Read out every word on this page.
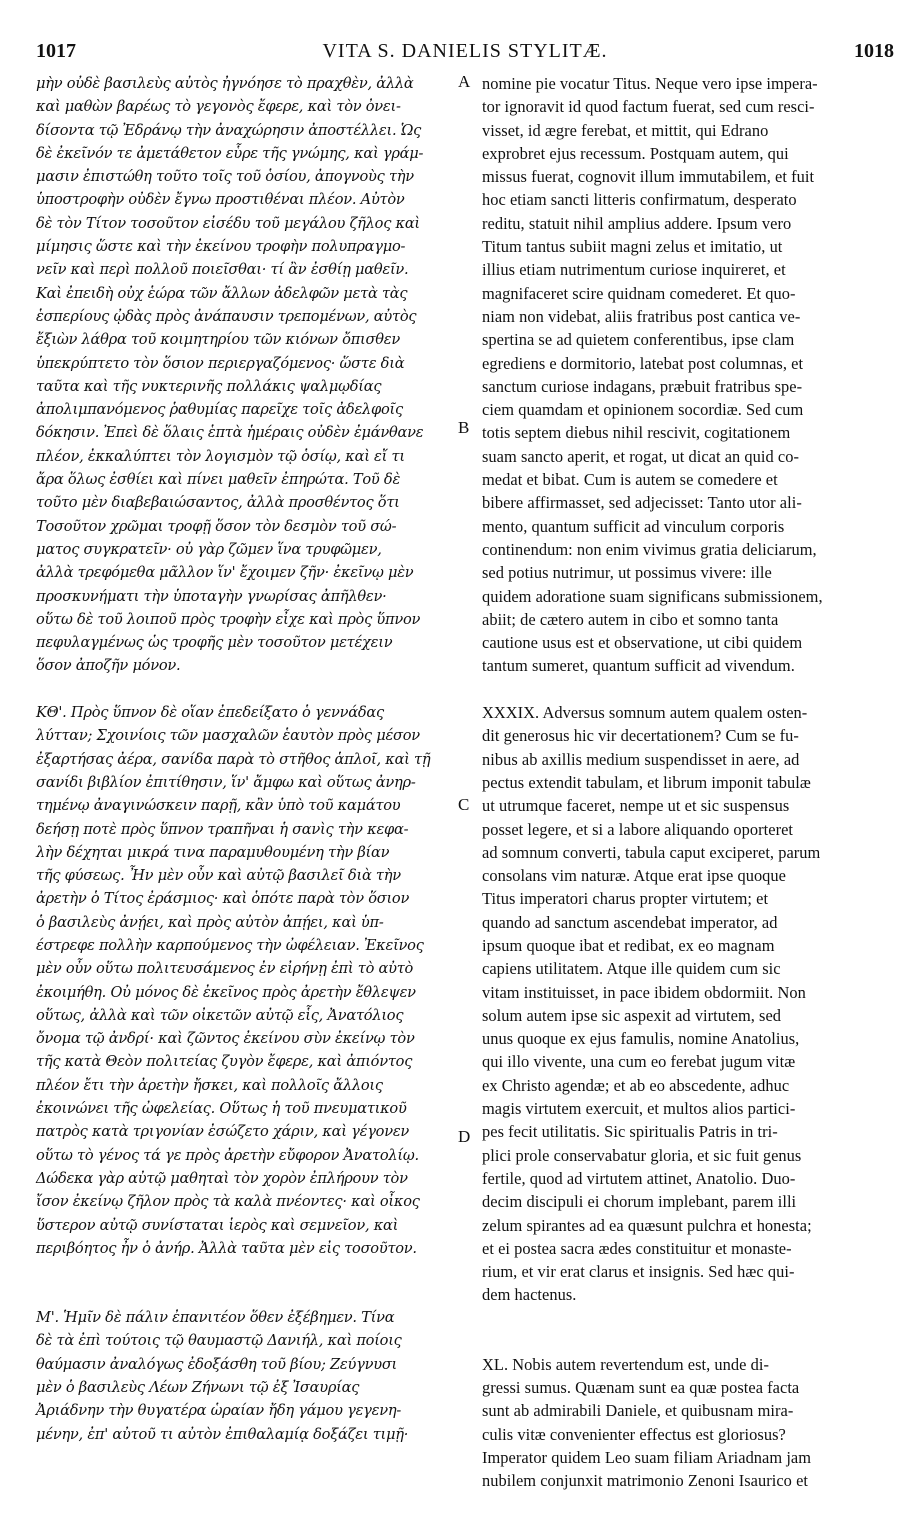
1017	VITA S. DANIELIS STYLITÆ.	1018
μὴν οὐδὲ βασιλεὺς αὐτὸς ἠγνόησε τὸ πραχθὲν, ἀλλὰ
καὶ μαθὼν βαρέως τὸ γεγονὸς ἔφερε, καὶ τὸν ὀνει-
δίσοντα τῷ Ἐδράνῳ τὴν ἀναχώρησιν ἀποστέλλει. Ὡς
δὲ ἐκεῖνόν τε ἀμετάθετον εὗρε τῆς γνώμης, καὶ γράμ-
μασιν ἐπιστώθη τοῦτο τοῖς τοῦ ὁσίου, ἀπογνοὺς τὴν
ὑποστροφὴν οὐδὲν ἔγνω προστιθέναι πλέον. Αὐτὸν
δὲ τὸν Τίτον τοσοῦτον εἰσέδυ τοῦ μεγάλου ζῆλος καὶ
μίμησις ὥστε καὶ τὴν ἐκείνου τροφὴν πολυπραγμο-
νεῖν καὶ περὶ πολλοῦ ποιεῖσθαι· τί ἂν ἐσθίῃ μαθεῖν.
Καὶ ἐπειδὴ οὐχ ἑώρα τῶν ἄλλων ἀδελφῶν μετὰ τὰς
ἑσπερίους ᾠδὰς πρὸς ἀνάπαυσιν τρεπομένων, αὐτὸς
ἔξιὼν λάθρα τοῦ κοιμητηρίου τῶν κιόνων ὄπισθεν
ὑπεκρύπτετο τὸν ὅσιον περιεργαζόμενος· ὥστε διὰ
ταῦτα καὶ τῆς νυκτερινῆς πολλάκις ψαλμῳδίας
ἀπολιμπανόμενος ῥαθυμίας παρεῖχε τοῖς ἀδελφοῖς
δόκησιν. Ἐπεὶ δὲ ὅλαις ἑπτὰ ἡμέραις οὐδὲν ἐμάνθανε
πλέον, ἐκκαλύπτει τὸν λογισμὸν τῷ ὁσίῳ, καὶ εἴ τι
ἄρα ὅλως ἐσθίει καὶ πίνει μαθεῖν ἐπηρώτα. Τοῦ δὲ
τοῦτο μὲν διαβεβαιώσαντος, ἀλλὰ προσθέντος ὅτι
Τοσοῦτον χρῶμαι τροφῇ ὅσον τὸν δεσμὸν τοῦ σώ-
ματος συγκρατεῖν· οὐ γὰρ ζῶμεν ἵνα τρυφῶμεν,
ἀλλὰ τρεφόμεθα μᾶλλον ἵν' ἔχοιμεν ζῆν· ἐκεῖνῳ μὲν
προσκυνήματι τὴν ὑποταγὴν γνωρίσας ἀπῆλθεν·
οὕτω δὲ τοῦ λοιποῦ πρὸς τροφὴν εἶχε καὶ πρὸς ὕπνον
πεφυλαγμένως ὡς τροφῆς μὲν τοσοῦτον μετέχειν
ὅσον ἀποζῆν μόνον.
ΚΘ'. Πρὸς ὕπνον δὲ οἵαν ἐπεδείξατο ὁ γεννάδας
λύτταν; Σχοινίοις τῶν μασχαλῶν ἑαυτὸν πρὸς μέσον
ἐξαρτήσας ἀέρα, σανίδα παρὰ τὸ στῆθος ἁπλοῖ, καὶ τῇ
σανίδι βιβλίον ἐπιτίθησιν, ἵν' ἄμφω καὶ οὕτως ἀνηρ-
τημένῳ ἀναγινώσκειν παρῇ, κἂν ὑπὸ τοῦ καμάτου
δεήσῃ ποτὲ πρὸς ὕπνον τραπῆναι ἡ σανὶς τὴν κεφα-
λὴν δέχηται μικρά τινα παραμυθουμένη τὴν βίαν
τῆς φύσεως. Ἦν μὲν οὖν καὶ αὐτῷ βασιλεῖ διὰ τὴν
ἀρετὴν ὁ Τίτος ἐράσμιος· καὶ ὁπότε παρὰ τὸν ὅσιον
ὁ βασιλεὺς ἀνῄει, καὶ πρὸς αὐτὸν ἀπῄει, καὶ ὑπ-
έστρεφε πολλὴν καρπούμενος τὴν ὠφέλειαν. Ἐκεῖνος
μὲν οὖν οὕτω πολιτευσάμενος ἐν εἰρήνῃ ἐπὶ τὸ αὐτὸ
ἐκοιμήθη. Οὐ μόνος δὲ ἐκεῖνος πρὸς ἀρετὴν ἔθλεψεν
οὕτως, ἀλλὰ καὶ τῶν οἰκετῶν αὐτῷ εἷς, Ἀνατόλιος
ὄνομα τῷ ἀνδρί· καὶ ζῶντος ἐκείνου σὺν ἐκείνῳ τὸν
τῆς κατὰ Θεὸν πολιτείας ζυγὸν ἔφερε, καὶ ἀπιόντος
πλέον ἔτι τὴν ἀρετὴν ἤσκει, καὶ πολλοῖς ἄλλοις
ἐκοινώνει τῆς ὠφελείας. Οὕτως ἡ τοῦ πνευματικοῦ
πατρὸς κατὰ τριγονίαν ἐσώζετο χάριν, καὶ γέγονεν
οὕτω τὸ γένος τά γε πρὸς ἀρετὴν εὔφορον Ἀνατολίῳ.
Δώδεκα γὰρ αὐτῷ μαθηταὶ τὸν χορὸν ἐπλήρουν τὸν
ἴσον ἐκείνῳ ζῆλον πρὸς τὰ καλὰ πνέοντες· καὶ οἶκος
ὕστερον αὐτῷ συνίσταται ἱερὸς καὶ σεμνεῖον, καὶ
περιβόητος ἦν ὁ ἀνήρ. Ἀλλὰ ταῦτα μὲν εἰς τοσοῦτον.
Μ'. Ἡμῖν δὲ πάλιν ἐπανιτέον ὅθεν ἐξέβημεν. Τίνα
δὲ τὰ ἐπὶ τούτοις τῷ θαυμαστῷ Δανιήλ, καὶ ποίοις
θαύμασιν ἀναλόγως ἐδοξάσθη τοῦ βίου; Ζεύγνυσι
μὲν ὁ βασιλεὺς Λέων Ζήνωνι τῷ ἐξ Ἰσαυρίας
Ἀριάδνην τὴν θυγατέρα ὡραίαν ἤδη γάμου γεγενη-
μένην, ἐπ' αὐτοῦ τι αὐτὸν ἐπιθαλαμίᾳ δοξάζει τιμῇ·
A
B
C
D
nomine pie vocatur Titus. Neque vero ipse impera-
tor ignoravit id quod factum fuerat, sed cum resci-
visset, id ægre ferebat, et mittit, qui Edrano
exprobret ejus recessum. Postquam autem, qui
missus fuerat, cognovit illum immutabilem, et fuit
hoc etiam sancti litteris confirmatum, desperato
reditu, statuit nihil amplius addere. Ipsum vero
Titum tantus subiit magni zelus et imitatio, ut
illius etiam nutrimentum curiose inquireret, et
magnifaceret scire quidnam comederet. Et quo-
niam non videbat, aliis fratribus post cantica ve-
spertina se ad quietem conferentibus, ipse clam
egrediens e dormitorio, latebat post columnas, et
sanctum curiose indagans, præbuit fratribus spe-
ciem quamdam et opinionem socordiæ. Sed cum
totis septem diebus nihil rescivit, cogitationem
suam sancto aperit, et rogat, ut dicat an quid co-
medat et bibat. Cum is autem se comedere et
bibere affirmasset, sed adjecisset: Tanto utor ali-
mento, quantum sufficit ad vinculum corporis
continendum: non enim vivimus gratia deliciarum,
sed potius nutrimur, ut possimus vivere: ille
quidem adoratione suam significans submissionem,
abiit; de cætero autem in cibo et somno tanta
cautione usus est et observatione, ut cibi quidem
tantum sumeret, quantum sufficit ad vivendum.
XXXIX. Adversus somnum autem qualem osten-
dit generosus hic vir decertationem? Cum se fu-
nibus ab axillis medium suspendisset in aere, ad
pectus extendit tabulam, et librum imponit tabulæ
ut utrumque faceret, nempe ut et sic suspensus
posset legere, et si a labore aliquando oporteret
ad somnum converti, tabula caput exciperet, parum
consolans vim naturæ. Atque erat ipse quoque
Titus imperatori charus propter virtutem; et
quando ad sanctum ascendebat imperator, ad
ipsum quoque ibat et redibat, ex eo magnam
capiens utilitatem. Atque ille quidem cum sic
vitam instituisset, in pace ibidem obdormiit. Non
solum autem ipse sic aspexit ad virtutem, sed
unus quoque ex ejus famulis, nomine Anatolius,
qui illo vivente, una cum eo ferebat jugum vitæ
ex Christo agendæ; et ab eo abscedente, adhuc
magis virtutem exercuit, et multos alios partici-
pes fecit utilitatis. Sic spiritualis Patris in tri-
plici prole conservabatur gloria, et sic fuit genus
fertile, quod ad virtutem attinet, Anatolio. Duo-
decim discipuli ei chorum implebant, parem illi
zelum spirantes ad ea quæsunt pulchra et honesta;
et ei postea sacra ædes constituitur et monaste-
rium, et vir erat clarus et insignis. Sed hæc qui-
dem hactenus.
XL. Nobis autem revertendum est, unde di-
gressi sumus. Quænam sunt ea quæ postea facta
sunt ab admirabili Daniele, et quibusnam mira-
culis vitæ convenienter effectus est gloriosus?
Imperator quidem Leo suam filiam Ariadnam jam
nubilem conjunxit matrimonio Zenoni Isaurico et
